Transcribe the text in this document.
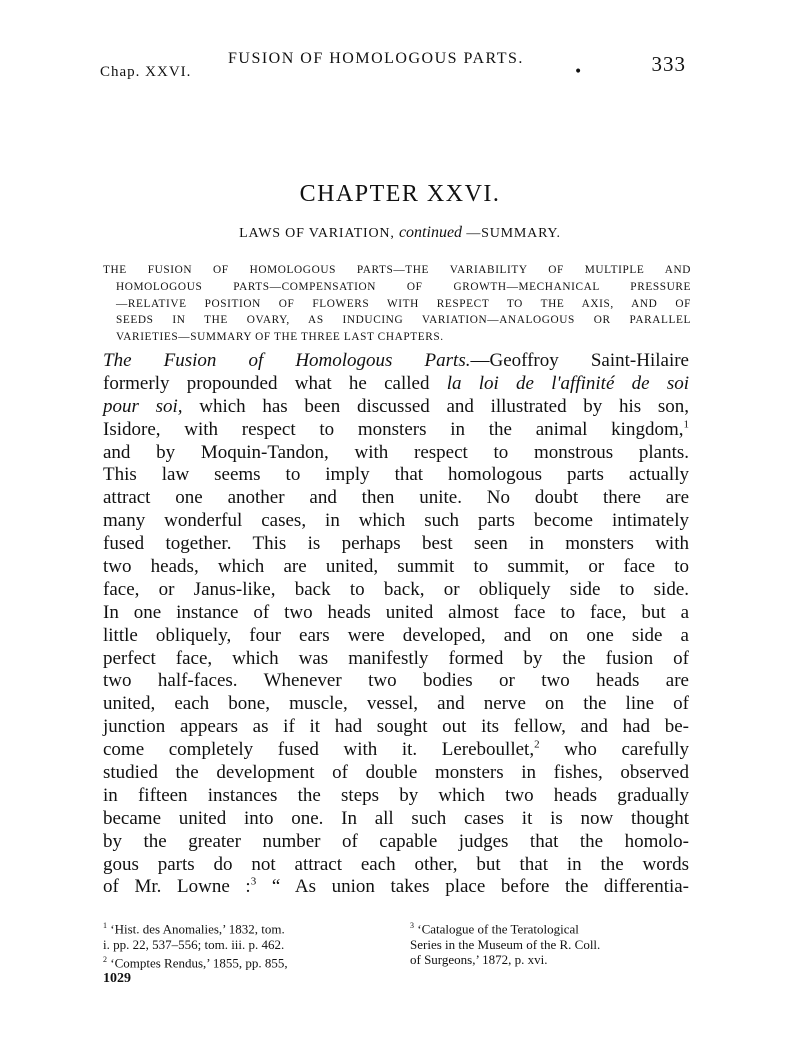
Chap. XXVI.
FUSION OF HOMOLOGOUS PARTS.
•	333
CHAPTER XXVI.
LAWS OF VARIATION, continued —SUMMARY.
THE FUSION OF HOMOLOGOUS PARTS—THE VARIABILITY OF MULTIPLE AND
HOMOLOGOUS PARTS—COMPENSATION OF GROWTH—MECHANICAL PRESSURE
—RELATIVE POSITION OF FLOWERS WITH RESPECT TO THE AXIS, AND OF
SEEDS IN THE OVARY, AS INDUCING VARIATION—ANALOGOUS OR PARALLEL
VARIETIES—SUMMARY OF THE THREE LAST CHAPTERS.
The Fusion of Homologous Parts.—Geoffroy Saint-Hilaire
formerly propounded what he called la loi de l'affinité de soi
pour soi, which has been discussed and illustrated by his son,
Isidore, with respect to monsters in the animal kingdom,$^1$
and by Moquin-Tandon, with respect to monstrous plants.
This law seems to imply that homologous parts actually
attract one another and then unite. No doubt there are
many wonderful cases, in which such parts become intimately
fused together. This is perhaps best seen in monsters with
two heads, which are united, summit to summit, or face to
face, or Janus-like, back to back, or obliquely side to side.
In one instance of two heads united almost face to face, but a
little obliquely, four ears were developed, and on one side a
perfect face, which was manifestly formed by the fusion of
two half-faces. Whenever two bodies or two heads are
united, each bone, muscle, vessel, and nerve on the line of
junction appears as if it had sought out its fellow, and had be-
come completely fused with it. Lereboullet,$^2$ who carefully
studied the development of double monsters in fishes, observed
in fifteen instances the steps by which two heads gradually
became united into one. In all such cases it is now thought
by the greater number of capable judges that the homolo-
gous parts do not attract each other, but that in the words
of Mr. Lowne :$^3$ “ As union takes place before the differentia-
$^1$ ‘Hist. des Anomalies,’ 1832, tom.
i. pp. 22, 537–556; tom. iii. p. 462.
$^2$ ‘Comptes Rendus,’ 1855, pp. 855,
1029
$^3$ ‘Catalogue of the Teratological
Series in the Museum of the R. Coll.
of Surgeons,’ 1872, p. xvi.
